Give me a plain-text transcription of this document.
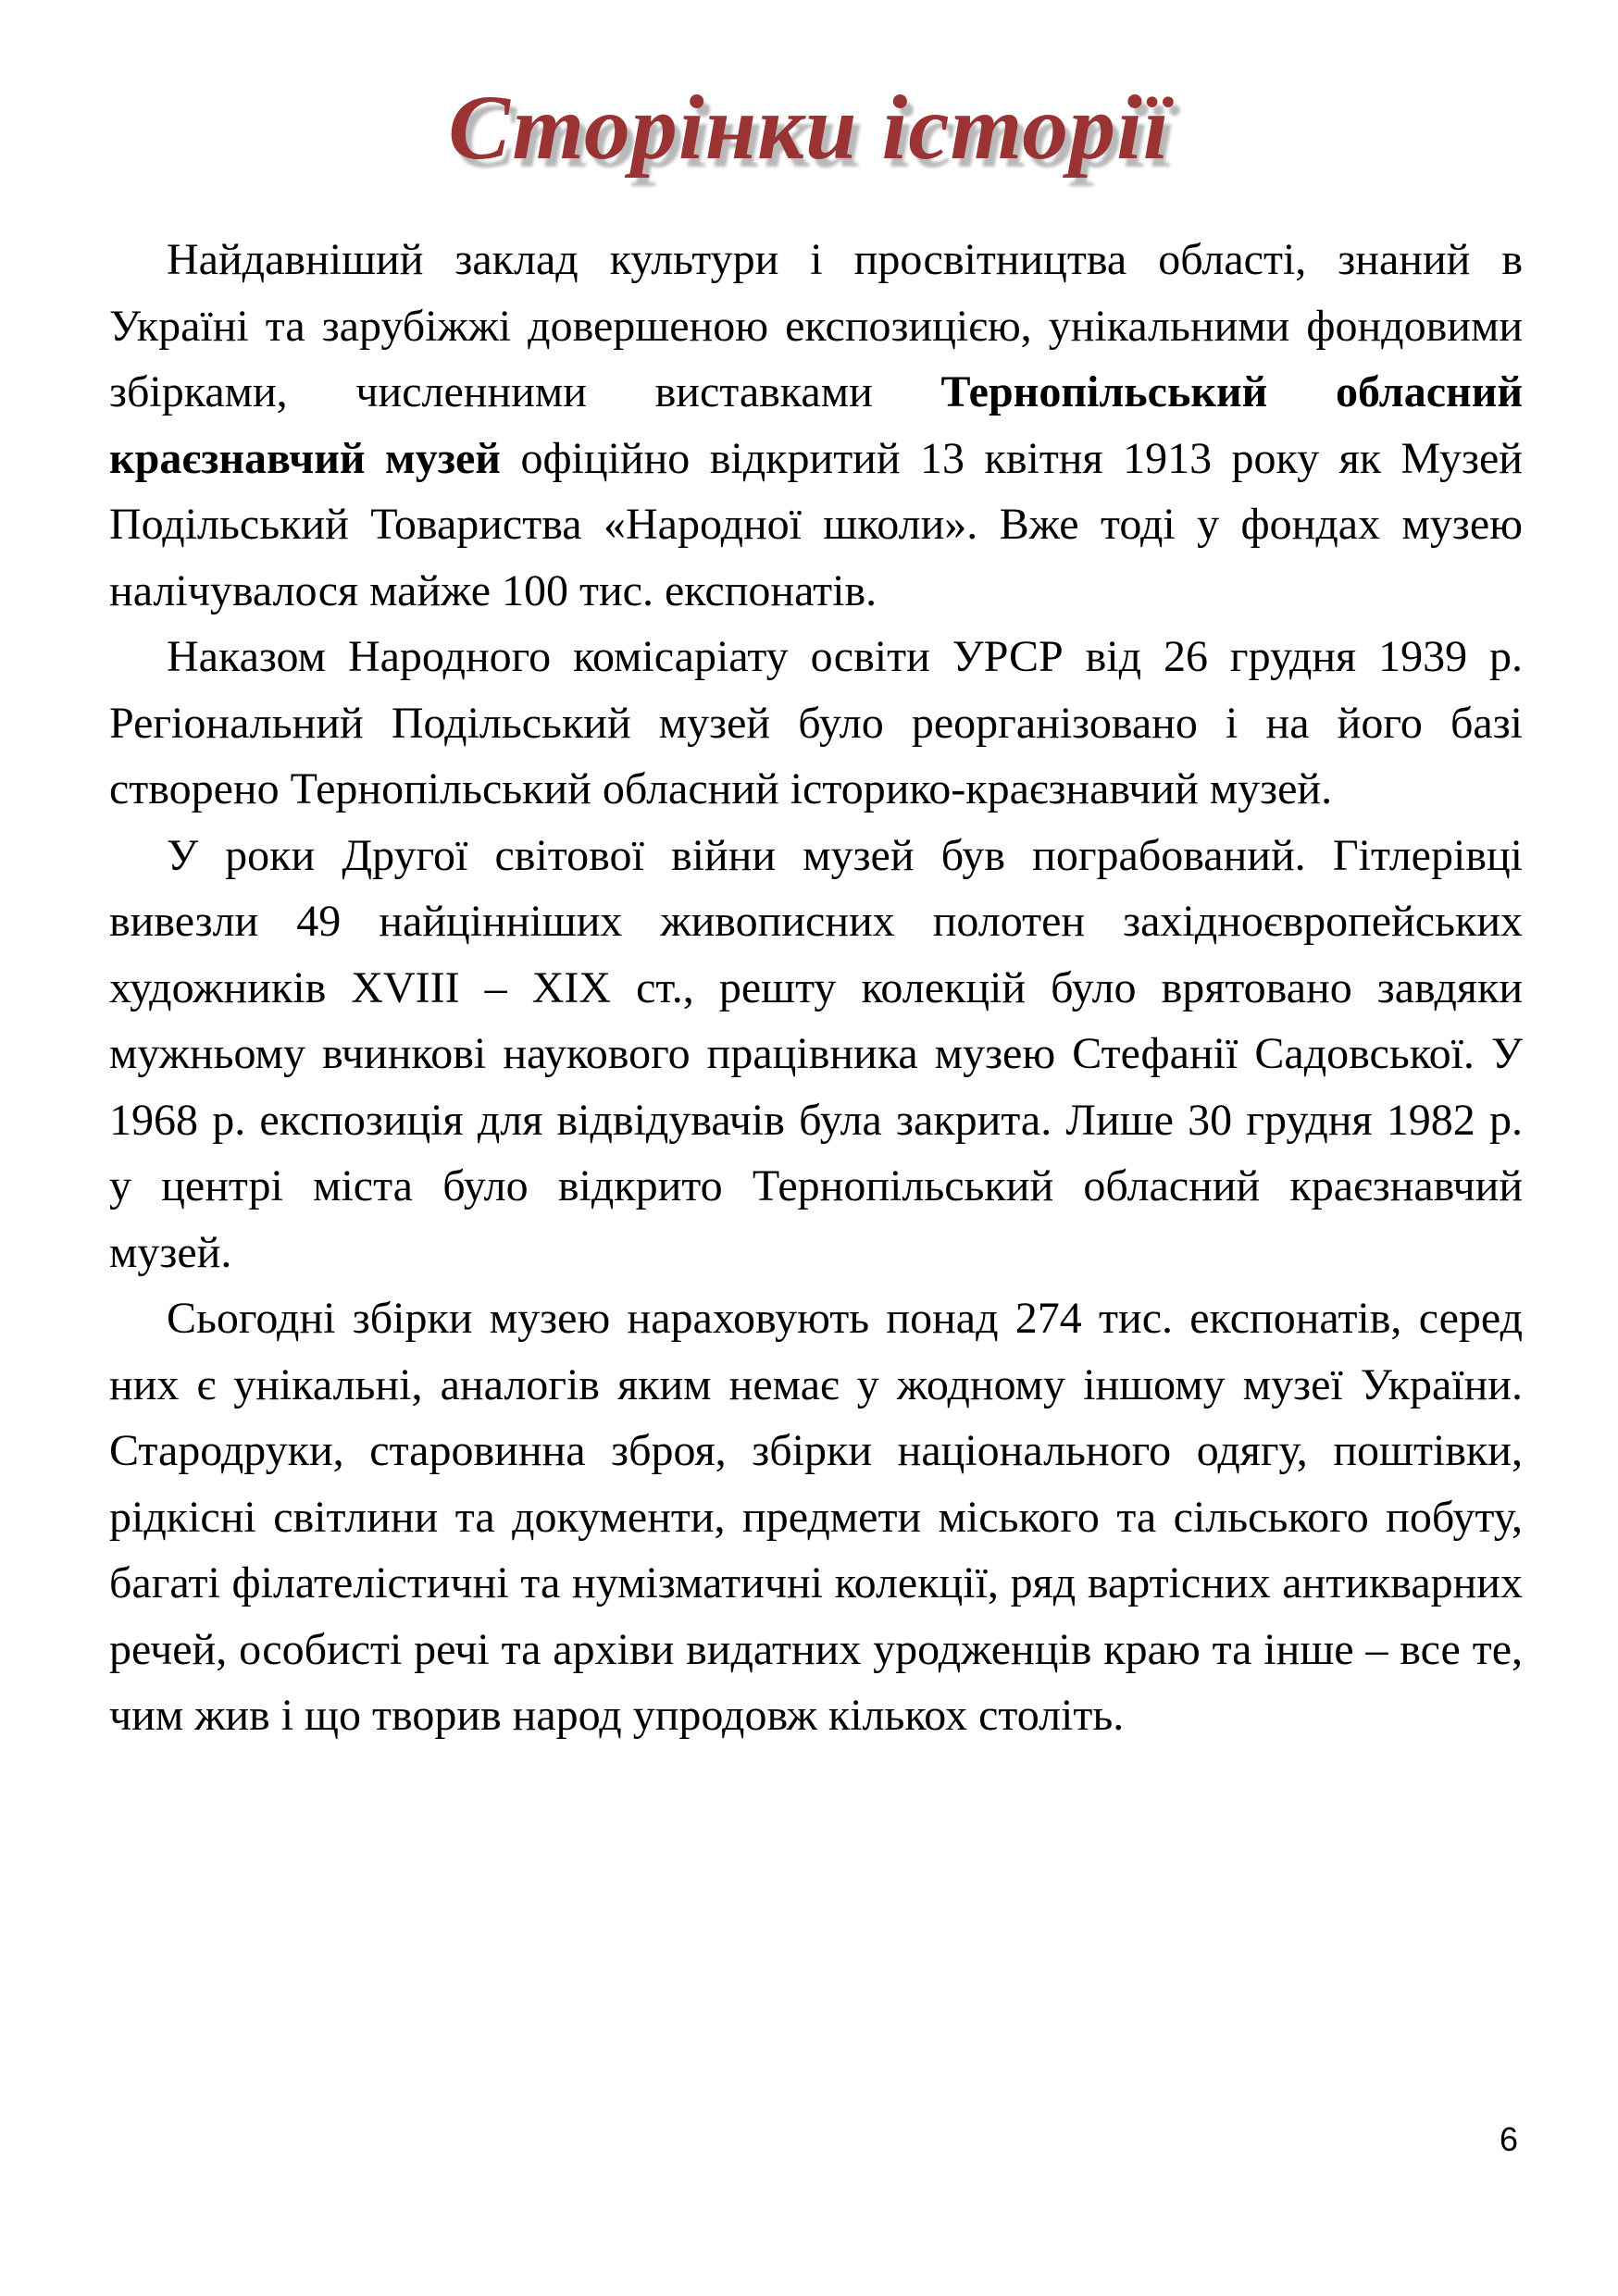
Сторінки історії

Найдавніший заклад культури і просвітництва області, знаний в Україні та зарубіжжі довершеною експозицією, унікальними фондовими збірками, численними виставками Тернопільський обласний краєзнавчий музей офіційно відкритий 13 квітня 1913 року як Музей Подільський Товариства «Народної школи». Вже тоді у фондах музею налічувалося майже 100 тис. експонатів.

Наказом Народного комісаріату освіти УРСР від 26 грудня 1939 р. Регіональний Подільський музей було реорганізовано і на його базі створено Тернопільський обласний історико-краєзнавчий музей.

У роки Другої світової війни музей був пограбований. Гітлерівці вивезли 49 найцінніших живописних полотен західноєвропейських художників XVIII – XIX ст., решту колекцій було врятовано завдяки мужньому вчинкові наукового працівника музею Стефанії Садовської. У 1968 р. експозиція для відвідувачів була закрита. Лише 30 грудня 1982 р. у центрі міста було відкрито Тернопільський обласний краєзнавчий музей.

Сьогодні збірки музею нараховують понад 274 тис. експонатів, серед них є унікальні, аналогів яким немає у жодному іншому музеї України. Стародруки, старовинна зброя, збірки національного одягу, поштівки, рідкісні світлини та документи, предмети міського та сільського побуту, багаті філателістичні та нумізматичні колекції, ряд вартісних антикварних речей, особисті речі та архіви видатних уродженців краю та інше – все те, чим жив і що творив народ упродовж кількох століть.

6
